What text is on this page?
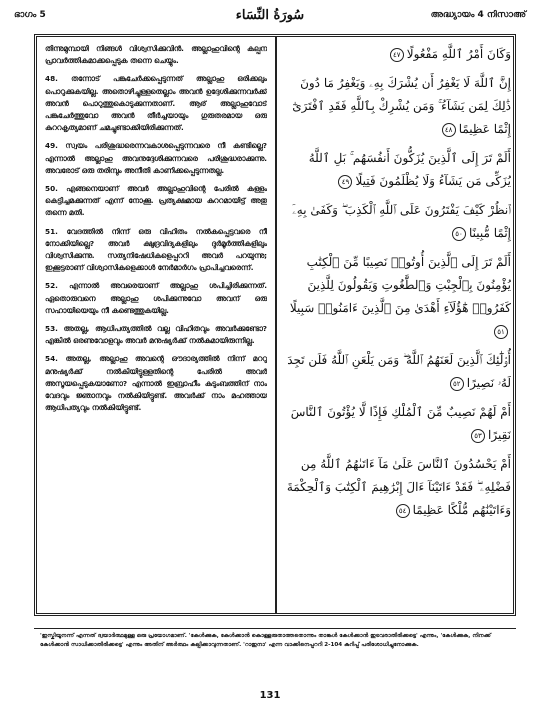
ഭാഗം 5	سُورَةُ النِّسَاء	അദ്ധ്യായം 4 നിസാഅ്

തിന്നുമുമ്പായി നിങ്ങൾ വിശ്വസിക്കുവിൻ. അല്ലാഹുവിന്റെ കല്പന പ്രാവർത്തികമാക്കപ്പെടുക തന്നെ ചെയ്യും.

48. തന്നോട് പങ്കുചേർക്കപ്പെടുന്നത് അല്ലാഹു ഒരിക്കലും പൊറുക്കുകയില്ല. അതൊഴിച്ചുള്ളതെല്ലാം അവൻ ഉദ്ദേശിക്കുന്നവർക്ക് അവൻ പൊറുത്തുകൊടുക്കുന്നതാണ്. ആര് അല്ലാഹുവോട് പങ്കുചേർത്തുവോ അവൻ തീർച്ചയായും ഗുരുതരമായ ഒരു കുററകൃത്യമാണ് ചമച്ചുണ്ടാക്കിയിരിക്കുന്നത്.

49. സ്വയം പരിശുദ്ധരെന്നവകാശപ്പെടുന്നവരെ നീ കണ്ടില്ലെ? എന്നാൽ അല്ലാഹു അവനുദ്ദേശിക്കുന്നവരെ പരിശുദ്ധരാക്കുന്നു. അവരോട് ഒരു തരിമ്പും അനീതി കാണിക്കപ്പെടുന്നതല്ല.

50. എങ്ങനെയാണ് അവർ അല്ലാഹുവിന്റെ പേരിൽ കള്ളം കെട്ടിച്ചമക്കുന്നത് എന്ന് നോക്കൂ. പ്രത്യക്ഷമായ കുററമായിട്ട് അതു തന്നെ മതി.

51. വേദത്തിൽ നിന്ന് ഒരു വിഹിതം നൽകപ്പെട്ടവരെ നീ നോക്കിയില്ലെ? അവർ ക്ഷുദ്രവിദ്യകളിലും ദുർമൂർത്തികളിലും വിശ്വസിക്കുന്നു. സത്യനിഷേധികളെപ്പററി അവർ പറയുന്നു; ഇക്കൂട്ടരാണ് വിശ്വാസികളെക്കാൾ നേർമാർഗം പ്രാപിച്ചവരെന്ന്.

52. എന്നാൽ അവരെയാണ് അല്ലാഹു ശപിച്ചിരിക്കുന്നത്. ഏതൊരുവനെ അല്ലാഹു ശപിക്കുന്നുവോ അവന് ഒരു സഹായിയെയും നീ കണ്ടെത്തുകയില്ല.

53. അതല്ല, ആധിപത്യത്തിൽ വല്ല വിഹിതവും അവർക്കുണ്ടോ? എങ്കിൽ ഒരണുവോളവും അവർ മനുഷ്യർക്ക് നൽകുമായിരുന്നില്ല.

54. അതല്ല, അല്ലാഹു അവന്റെ ഔദാര്യത്തിൽ നിന്ന് മററു മനുഷ്യർക്ക് നൽകിയിട്ടുള്ളതിന്റെ പേരിൽ അവർ അസൂയപ്പെടുകയാണോ? എന്നാൽ ഇബ്രാഹീം കുടുംബത്തിന് നാം വേദവും ജ്ഞാനവും നൽകിയിട്ടുണ്ട്. അവർക്ക് നാം മഹത്തായ ആധിപത്യവും നൽകിയിട്ടുണ്ട്.

وَكَانَ أَمْرُ ٱللَّهِ مَفْعُولًا٤٧

إِنَّ ٱللَّهَ لَا يَغْفِرُ أَن يُشْرَكَ بِهِۦ وَيَغْفِرُ مَا دُونَ ذَٰلِكَ لِمَن يَشَآءُ ۚ وَمَن يُشْرِكْ بِٱللَّهِ فَقَدِ ٱفْتَرَىٰٓ إِثْمًا عَظِيمًا٤٨

أَلَمْ تَرَ إِلَى ٱلَّذِينَ يُزَكُّونَ أَنفُسَهُم ۚ بَلِ ٱللَّهُ يُزَكِّى مَن يَشَآءُ وَلَا يُظْلَمُونَ فَتِيلًا٤٩

ٱنظُرْ كَيْفَ يَفْتَرُونَ عَلَى ٱللَّهِ ٱلْكَذِبَ ۖ وَكَفَىٰ بِهِۦٓ إِثْمًا مُّبِينًا٥٠

أَلَمْ تَرَ إِلَى ٱلَّذِينَ أُوتُوا۟ نَصِيبًا مِّنَ ٱلْكِتَٰبِ يُؤْمِنُونَ بِٱلْجِبْتِ وَٱلطَّٰغُوتِ وَيَقُولُونَ لِلَّذِينَ كَفَرُوا۟ هَٰٓؤُلَآءِ أَهْدَىٰ مِنَ ٱلَّذِينَ ءَامَنُوا۟ سَبِيلًا٥١

أُو۟لَٰٓئِكَ ٱلَّذِينَ لَعَنَهُمُ ٱللَّهُ ۖ وَمَن يَلْعَنِ ٱللَّهُ فَلَن تَجِدَ لَهُۥ نَصِيرًا٥٢

أَمْ لَهُمْ نَصِيبٌ مِّنَ ٱلْمُلْكِ فَإِذًا لَّا يُؤْتُونَ ٱلنَّاسَ نَقِيرًا٥٣

أَمْ يَحْسُدُونَ ٱلنَّاسَ عَلَىٰ مَآ ءَاتَىٰهُمُ ٱللَّهُ مِن فَضْلِهِۦ ۖ فَقَدْ ءَاتَيْنَآ ءَالَ إِبْرَٰهِيمَ ٱلْكِتَٰبَ وَٱلْحِكْمَةَ وَءَاتَيْنَٰهُم مُّلْكًا عَظِيمًا٥٤

'ഇസ്കിയൂനന്ന് എന്നത് ദ്വയാർത്ഥമുള്ള ഒരു പ്രയോഗമാണ്. 'കേൾക്കുക, കേൾക്കാൻ കൊള്ളരുതാത്തതൊന്നും താങ്കൾ കേൾക്കാൻ ഇടവരാതിരിക്കട്ടെ' എന്നും, 'കേൾക്കുക, നിനക്ക് കേൾക്കാൻ സാധിക്കാതിരിക്കട്ടെ' എന്നും അതിന് അർത്ഥം കല്പിക്കാവുന്നതാണ്. 'റാഇനാ' എന്ന വാക്കിനെപ്പററി 2-104 കുറിപ്പ് പരിശോധിച്ചുനോക്കുക.
131
